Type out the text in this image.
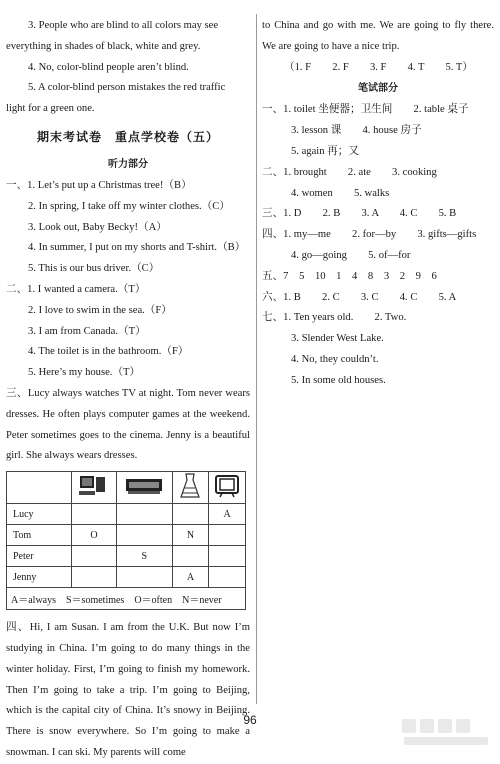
3. People who are blind to all colors may see
everything in shades of black, white and grey.
4. No, color-blind people aren’t blind.
5. A color-blind person mistakes the red traffic
light for a green one.
期末考试卷　重点学校卷（五）
听力部分
一、1. Let’s put up a Christmas tree!（B）
2. In spring, I take off my winter clothes.（C）
3. Look out, Baby Becky!（A）
4. In summer, I put on my shorts and T-shirt.（B）
5. This is our bus driver.（C）
二、1. I wanted a camera.（T）
2. I love to swim in the sea.（F）
3. I am from Canada.（T）
4. The toilet is in the bathroom.（F）
5. Here’s my house.（T）
三、Lucy always watches TV at night. Tom never wears dresses. He often plays computer games at the weekend. Peter sometimes goes to the cinema. Jenny is a beautiful girl. She always wears dresses.

Lucy				A
Tom	O		N	
Peter		S		
Jenny			A	
A＝always　S＝sometimes　O＝often　N＝never
四、Hi, I am Susan. I am from the U.K. But now I’m studying in China. I’m going to do many things in the winter holiday. First, I’m going to finish my homework. Then I’m going to take a trip. I’m going to Beijing, which is the capital city of China. It’s snowy in Beijing. There is snow everywhere. So I’m going to make a snowman. I can ski. My parents will come
to China and go with me. We are going to fly there. We are going to have a nice trip.
（1. F　　2. F　　3. F　　4. T　　5. T）
笔试部分
一、1. toilet 坐便器；卫生间　　2. table 桌子
3. lesson 课　　4. house 房子
5. again 再；又
二、1. brought　　2. ate　　3. cooking
4. women　　5. walks
三、1. D　　2. B　　3. A　　4. C　　5. B
四、1. my—me　　2. for—by　　3. gifts—gifts
4. go—going　　5. of—for
五、7　5　10　1　4　8　3　2　9　6
六、1. B　　2. C　　3. C　　4. C　　5. A
七、1. Ten years old.　　2. Two.
3. Slender West Lake.
4. No, they couldn’t.
5. In some old houses.
96
